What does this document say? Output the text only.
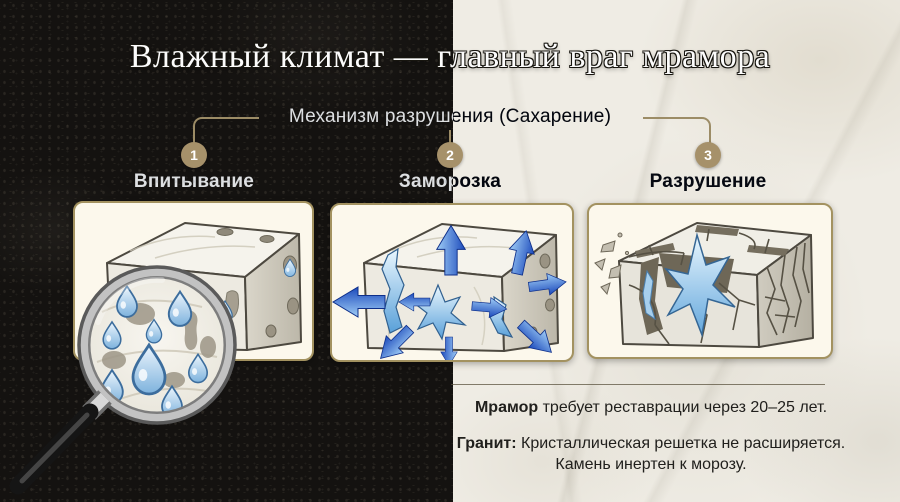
Влажный климат — главный враг мрамора
Механизм разрушения (Сахарение)
1	2	3
Впитывание	Заморозка	Разрушение

Мрамор требует реставрации через 20–25 лет.

Гранит: Кристаллическая решетка не расширяется.
Камень инертен к морозу.
